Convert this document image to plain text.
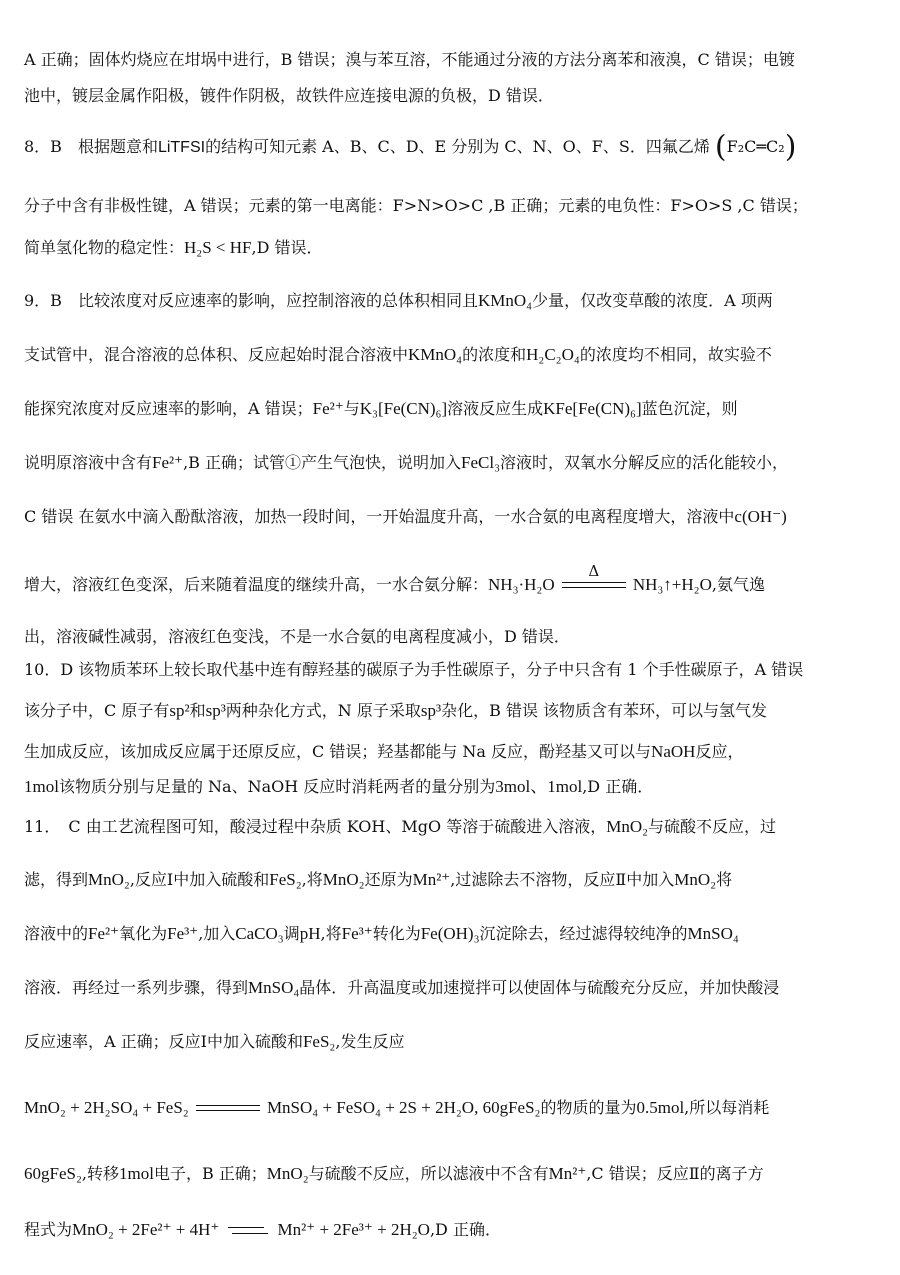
A 正确；固体灼烧应在坩埚中进行，B 错误；溴与苯互溶，不能通过分液的方法分离苯和液溴，C 错误；电镀
池中，镀层金属作阳极，镀件作阴极，故铁件应连接电源的负极，D 错误．
8．B　根据题意和LiTFSI的结构可知元素 A、B、C、D、E 分别为 C、N、O、F、S．四氟乙烯 (F₂C═C₂)
分子中含有非极性键，A 错误；元素的第一电离能：F>N>O>C ,B 正确；元素的电负性：F>O>S ,C 错误；
简单氢化物的稳定性：H₂S < HF,D 错误．
9．B　比较浓度对反应速率的影响，应控制溶液的总体积相同且KMnO₄少量，仅改变草酸的浓度．A 项两
支试管中，混合溶液的总体积、反应起始时混合溶液中KMnO₄的浓度和H₂C₂O₄的浓度均不相同，故实验不
能探究浓度对反应速率的影响，A 错误；Fe²⁺与K₃[Fe(CN)₆]溶液反应生成KFe[Fe(CN)₆]蓝色沉淀，则
说明原溶液中含有Fe²⁺,B 正确；试管①产生气泡快，说明加入FeCl₃溶液时，双氧水分解反应的活化能较小，
C 错误 在氨水中滴入酚酞溶液，加热一段时间，一开始温度升高，一水合氨的电离程度增大，溶液中c(OH⁻)
增大，溶液红色变深，后来随着温度的继续升高，一水合氨分解：NH₃·H₂O
Δ
NH₃↑+H₂O,氨气逸
出，溶液碱性减弱，溶液红色变浅，不是一水合氨的电离程度减小，D 错误．
10．D 该物质苯环上较长取代基中连有醇羟基的碳原子为手性碳原子，分子中只含有 1 个手性碳原子，A 错误
该分子中，C 原子有sp²和sp³两种杂化方式，N 原子采取sp³杂化，B 错误 该物质含有苯环，可以与氢气发
生加成反应，该加成反应属于还原反应，C 错误；羟基都能与 Na 反应，酚羟基又可以与NaOH反应，
1mol该物质分别与足量的 Na、NaOH 反应时消耗两者的量分别为3mol、1mol,D 正确．
11．　C 由工艺流程图可知，酸浸过程中杂质 KOH、MgO 等溶于硫酸进入溶液，MnO₂与硫酸不反应，过
滤，得到MnO₂,反应Ⅰ中加入硫酸和FeS₂,将MnO₂还原为Mn²⁺,过滤除去不溶物，反应Ⅱ中加入MnO₂将
溶液中的Fe²⁺氧化为Fe³⁺,加入CaCO₃调pH,将Fe³⁺转化为Fe(OH)₃沉淀除去，经过滤得较纯净的MnSO₄
溶液．再经过一系列步骤，得到MnSO₄晶体．升高温度或加速搅拌可以使固体与硫酸充分反应，并加快酸浸
反应速率，A 正确；反应Ⅰ中加入硫酸和FeS₂,发生反应
MnO₂ + 2H₂SO₄ + FeS₂	MnSO₄ + FeSO₄ + 2S + 2H₂O, 60gFeS₂的物质的量为0.5mol,所以每消耗
60gFeS₂,转移1mol电子，B 正确；MnO₂与硫酸不反应，所以滤液中不含有Mn²⁺,C 错误；反应Ⅱ的离子方
程式为MnO₂ + 2Fe²⁺ + 4H⁺	Mn²⁺ + 2Fe³⁺ + 2H₂O,D 正确．
